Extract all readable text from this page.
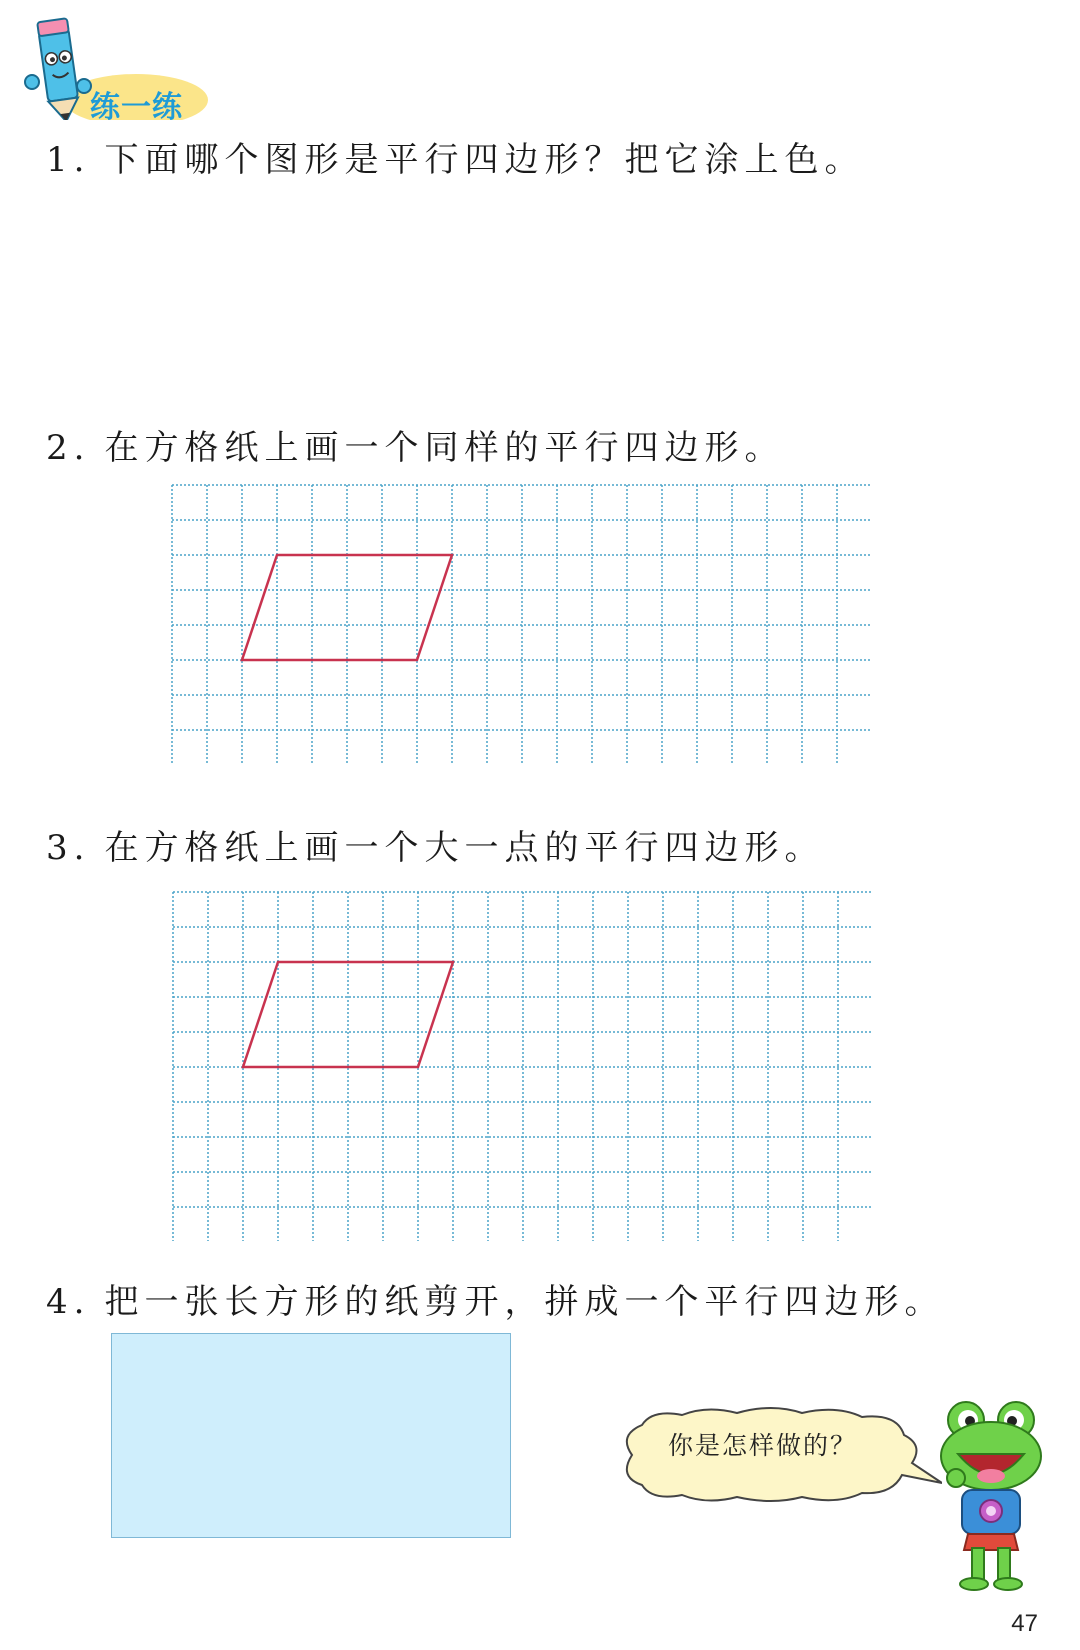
练一练
1. 下面哪个图形是平行四边形？把它涂上色。
2. 在方格纸上画一个同样的平行四边形。
3. 在方格纸上画一个大一点的平行四边形。
4. 把一张长方形的纸剪开，拼成一个平行四边形。
你是怎样做的？
47
